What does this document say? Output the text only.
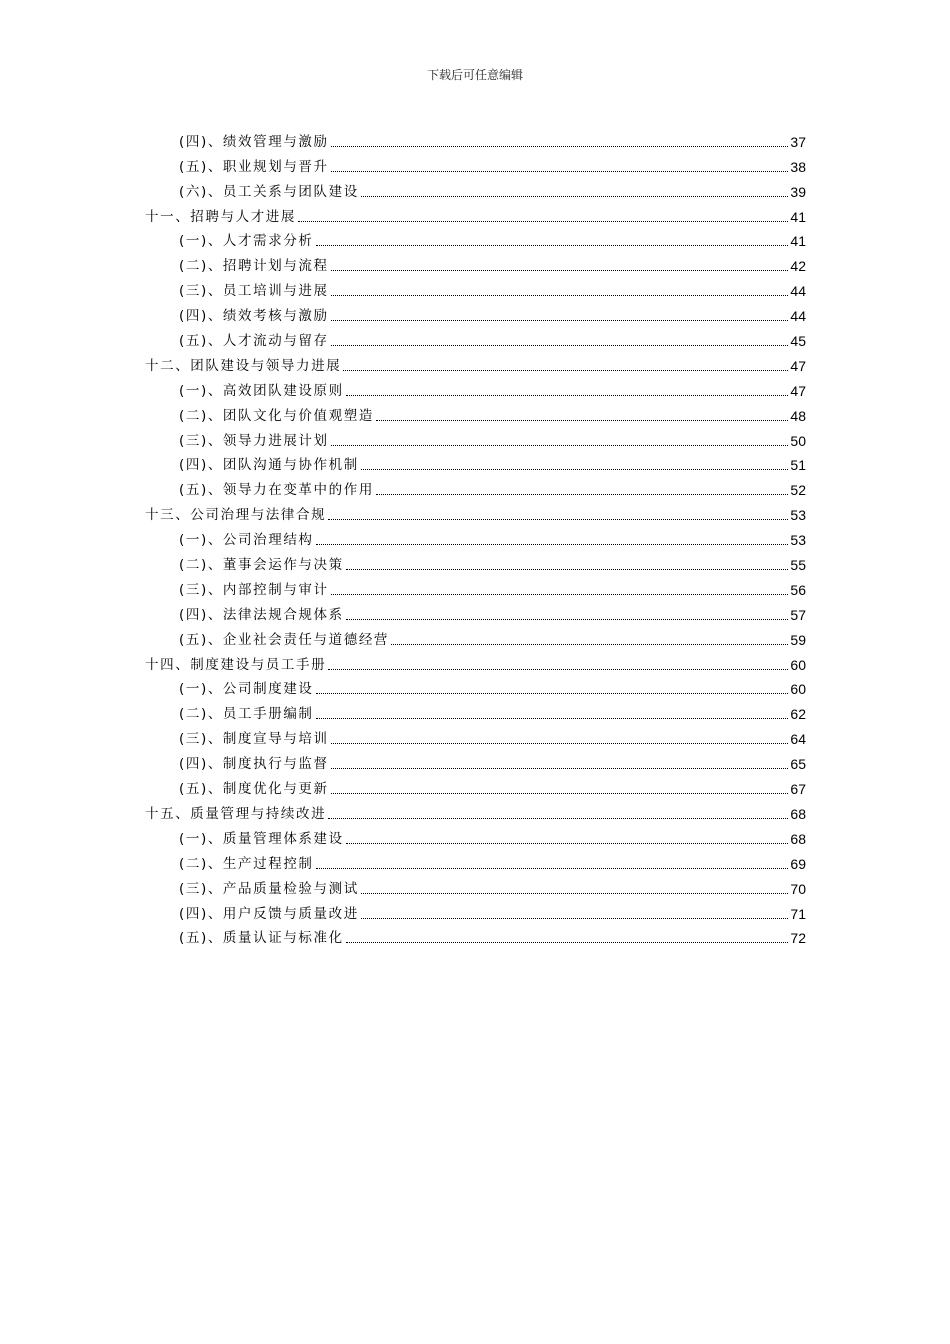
下载后可任意编辑
(四)、绩效管理与激励	37
(五)、职业规划与晋升	38
(六)、员工关系与团队建设	39
十一、招聘与人才进展	41
(一)、人才需求分析	41
(二)、招聘计划与流程	42
(三)、员工培训与进展	44
(四)、绩效考核与激励	44
(五)、人才流动与留存	45
十二、团队建设与领导力进展	47
(一)、高效团队建设原则	47
(二)、团队文化与价值观塑造	48
(三)、领导力进展计划	50
(四)、团队沟通与协作机制	51
(五)、领导力在变革中的作用	52
十三、公司治理与法律合规	53
(一)、公司治理结构	53
(二)、董事会运作与决策	55
(三)、内部控制与审计	56
(四)、法律法规合规体系	57
(五)、企业社会责任与道德经营	59
十四、制度建设与员工手册	60
(一)、公司制度建设	60
(二)、员工手册编制	62
(三)、制度宣导与培训	64
(四)、制度执行与监督	65
(五)、制度优化与更新	67
十五、质量管理与持续改进	68
(一)、质量管理体系建设	68
(二)、生产过程控制	69
(三)、产品质量检验与测试	70
(四)、用户反馈与质量改进	71
(五)、质量认证与标准化	72
